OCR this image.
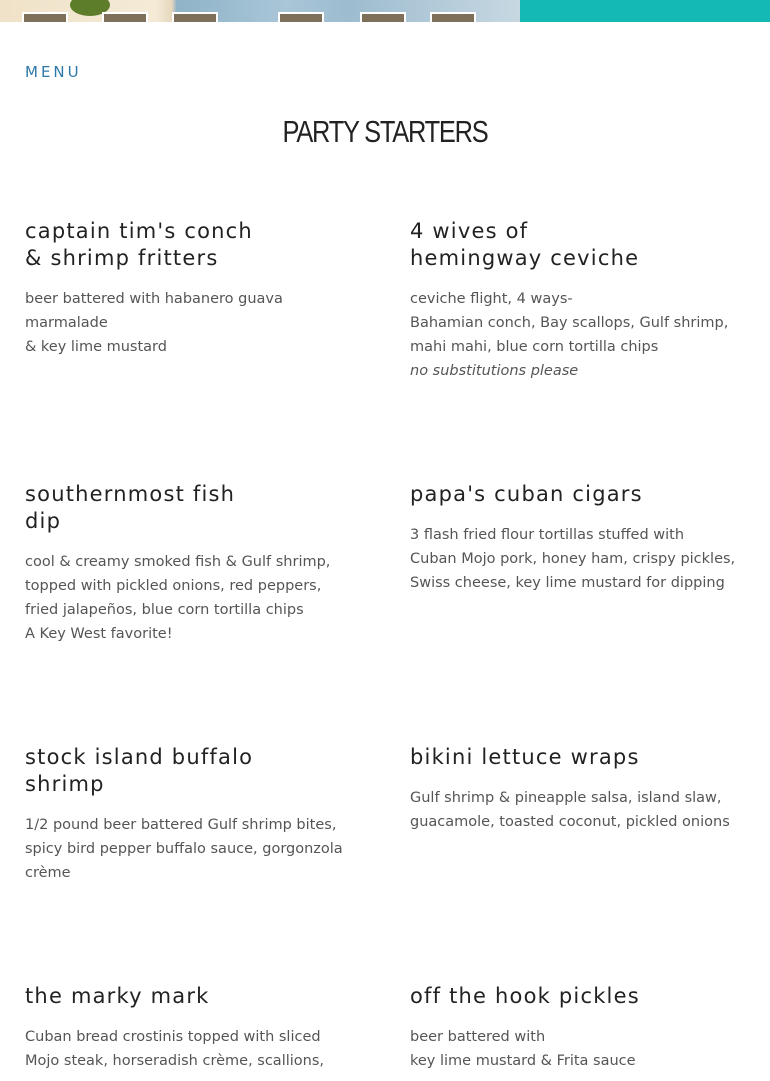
MENU
PARTY STARTERS
captain tim's conch
& shrimp fritters
beer battered with habanero guava marmalade
& key lime mustard
4 wives of
hemingway ceviche
ceviche flight, 4 ways-
Bahamian conch, Bay scallops, Gulf shrimp,
mahi mahi, blue corn tortilla chips
no substitutions please
southernmost fish
dip
cool & creamy smoked fish & Gulf shrimp,
topped with pickled onions, red peppers,
fried jalapeños, blue corn tortilla chips
A Key West favorite!
papa's cuban cigars
3 flash fried flour tortillas stuffed with
Cuban Mojo pork, honey ham, crispy pickles,
Swiss cheese, key lime mustard for dipping
stock island buffalo
shrimp
1/2 pound beer battered Gulf shrimp bites,
spicy bird pepper buffalo sauce, gorgonzola
crème
bikini lettuce wraps
Gulf shrimp & pineapple salsa, island slaw,
guacamole, toasted coconut, pickled onions
the marky mark
Cuban bread crostinis topped with sliced
Mojo steak, horseradish crème, scallions,
off the hook pickles
beer battered with
key lime mustard & Frita sauce
